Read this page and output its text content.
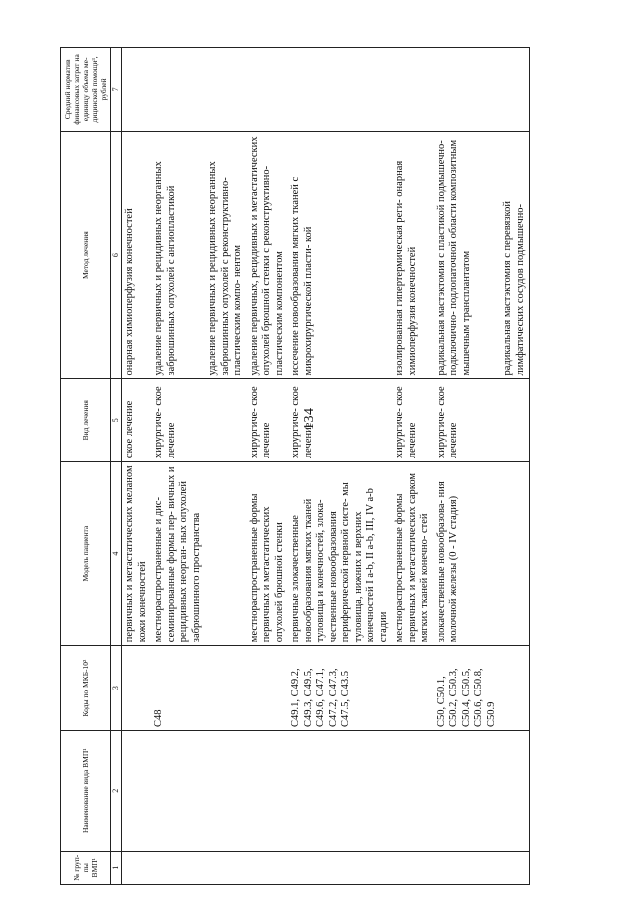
134
№ груп- пы ВМП¹	Наименование вида ВМП¹	Коды по МКБ-10²	Модель пациента	Вид лечения	Метод лечения	Средний норматив финансовых затрат на единицу объема ме- дицинской помощи³, рублей
1	2	3	4	5	6	7
			первичных и метастатических меланом кожи конечностей	ское лечение	онарная химиоперфузия конечностей	
		C48	местнораспространенные и дис- семинированные формы пер- вичных и рецидивных неорган- ных опухолей забрюшинного пространства	хирургиче- ское лечение	удаление первичных и рецидивных неорганных забрюшинных опухолей с ангиопластикой	
					удаление первичных и рецидивных неорганных забрюшинных опухолей с реконструктивно-пластическим компо- нентом	
			местнораспространенные формы первичных и метастатических опухолей брюшной стенки	хирургиче- ское лечение	удаление первичных, рецидивных и метастатических опухолей брюшной стенки с реконструктивно- пластическим компонентом	
		C49.1, C49.2, C49.3, C49.5, C49.6, C47.1, C47.2, C47.3, C47.5, C43.5	первичные злокачественные новообразования мягких тканей туловища и конечностей, злока- чественные новообразования периферической нервной систе- мы туловища, нижних и верхних конечностей I a-b, II a-b, III, IV a-b стадии	хирургиче- ское лечение	иссечение новообразования мягких тканей с микрохирургической пласти- кой	
			местнораспространенные формы первичных и метастатических сарком мягких тканей конечно- стей	хирургиче- ское лечение	изолированная гипертермическая реги- онарная химиоперфузия конечностей	
		C50, C50.1, C50.2, C50.3, C50.4, C50.5, C50.6, C50.8, C50.9	злокачественные новообразова- ния молочной железы (0 - IV стадия)	хирургиче- ское лечение	радикальная мастэктомия с пластикой подмышечно-подключично- подлопаточной области композитным мышечным трансплантатом	
					радикальная мастэктомия с перевязкой лимфатических сосудов подмышечно-	
